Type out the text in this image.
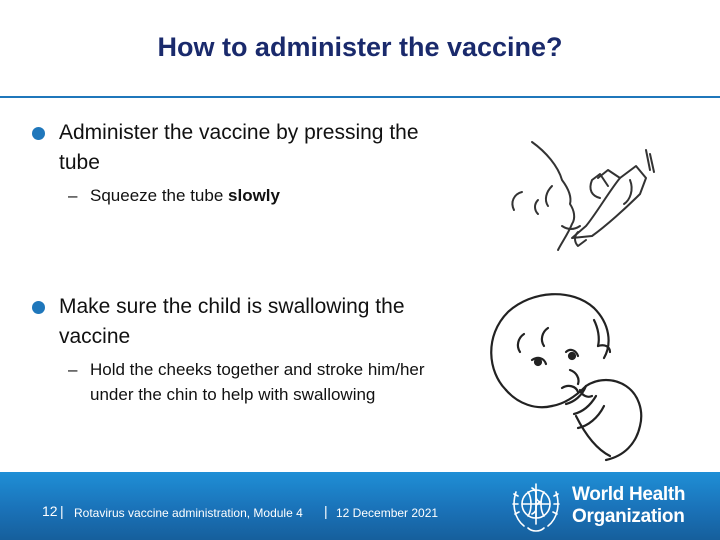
How to administer the vaccine?
Administer the vaccine by pressing the tube
– Squeeze the tube slowly
Make sure the child is swallowing the vaccine
– Hold the cheeks together and stroke him/her under the chin to help with swallowing
12 | Rotavirus vaccine administration, Module 4 | 12 December 2021
World Health
Organization
